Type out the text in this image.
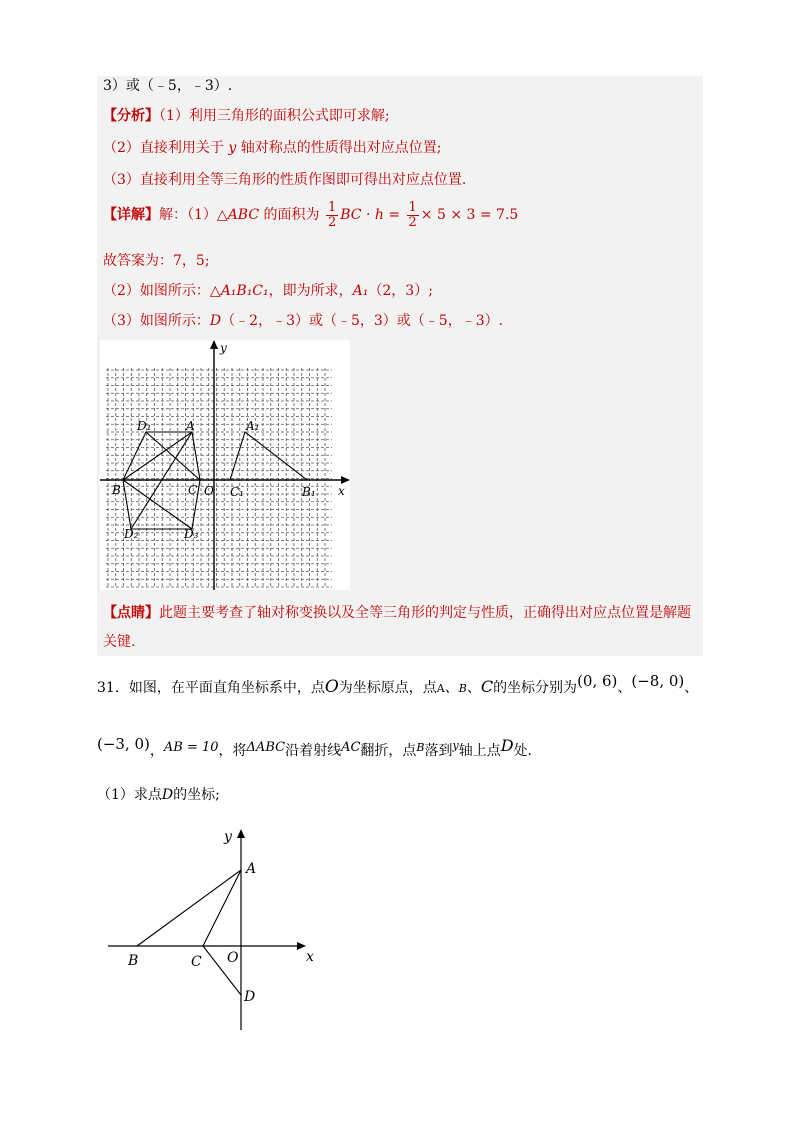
3）或（﹣5，﹣3）.
【分析】（1）利用三角形的面积公式即可求解;
（2）直接利用关于 y 轴对称点的性质得出对应点位置;
（3）直接利用全等三角形的性质作图即可得出对应点位置.
【详解】解：（1）△ABC 的面积为 $\frac{1}{2}$ BC · $h = \frac{1}{2} \times 5 \times 3 = 7.5$
故答案为：7，5;
（2）如图所示：△A₁B₁C₁，即为所求，A₁（2，3）;
（3）如图所示：D（﹣2，﹣3）或（﹣5，3）或（﹣5，﹣3）.
y
x
O
D₁	A	A₁
B	C	C₁	B₁
D₂	D₃
【点睛】此题主要考查了轴对称变换以及全等三角形的判定与性质，正确得出对应点位置是解题
关键.
31．如图，在平面直角坐标系中，点O为坐标原点，点A、B、C的坐标分别为(0, 6)、(−8, 0)、
(−3, 0)，AB = 10，将ΔABC沿着射线AC翻折，点$^B$落到$^y$轴上点D处.
（1）求点D的坐标;
y
A
B	C O	x
D
